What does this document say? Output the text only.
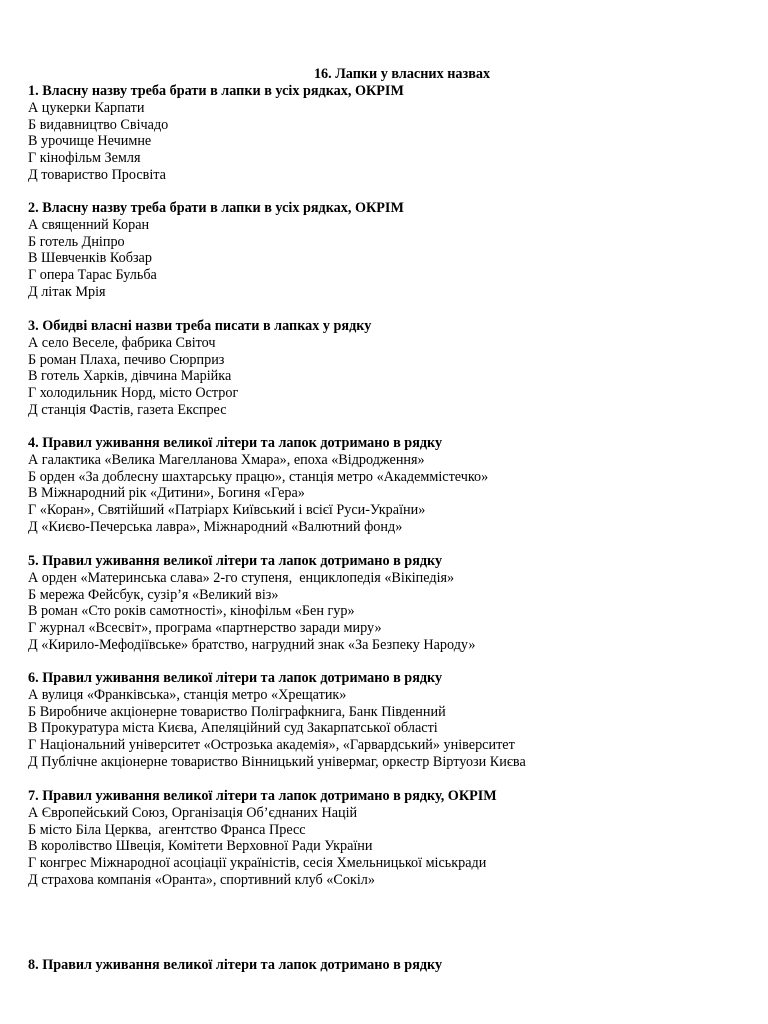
16. Лапки у власних назвах
1. Власну назву треба брати в лапки в усіх рядках, ОКРІМ
А цукерки Карпати
Б видавництво Свічадо
В урочище Нечимне
Г кінофільм Земля
Д товариство Просвіта
2. Власну назву треба брати в лапки в усіх рядках, ОКРІМ
А священний Коран
Б готель Дніпро
В Шевченків Кобзар
Г опера Тарас Бульба
Д літак Мрія
3. Обидві власні назви треба писати в лапках у рядку
А село Веселе, фабрика Світоч
Б роман Плаха, печиво Сюрприз
В готель Харків, дівчина Марійка
Г холодильник Норд, місто Острог
Д станція Фастів, газета Експрес
4. Правил уживання великої літери та лапок дотримано в рядку
А галактика «Велика Магелланова Хмара», епоха «Відродження»
Б орден «За доблесну шахтарську працю», станція метро «Академмістечко»
В Міжнародний рік «Дитини», Богиня «Гера»
Г «Коран», Святійший «Патріарх Київський і всієї Руси-України»
Д «Києво-Печерська лавра», Міжнародний «Валютний фонд»
5. Правил уживання великої літери та лапок дотримано в рядку
А орден «Материнська слава» 2-го ступеня,  енциклопедія «Вікіпедія»
Б мережа Фейсбук, сузір’я «Великий віз»
В роман «Сто років самотності», кінофільм «Бен гур»
Г журнал «Всесвіт», програма «партнерство заради миру»
Д «Кирило-Мефодіївське» братство, нагрудний знак «За Безпеку Народу»
6. Правил уживання великої літери та лапок дотримано в рядку
А вулиця «Франківська», станція метро «Хрещатик»
Б Виробниче акціонерне товариство Поліграфкнига, Банк Південний
В Прокуратура міста Києва, Апеляційний суд Закарпатської області
Г Національний університет «Острозька академія», «Гарвардський» університет
Д Публічне акціонерне товариство Вінницький універмаг, оркестр Віртуози Києва
7. Правил уживання великої літери та лапок дотримано в рядку, ОКРІМ
А Європейський Союз, Організація Об’єднаних Націй
Б місто Біла Церква,  агентство Франса Пресс
В королівство Швеція, Комітети Верховної Ради України
Г конгрес Міжнародної асоціації україністів, сесія Хмельницької міськради
Д страхова компанія «Оранта», спортивний клуб «Сокіл»
8. Правил уживання великої літери та лапок дотримано в рядку
